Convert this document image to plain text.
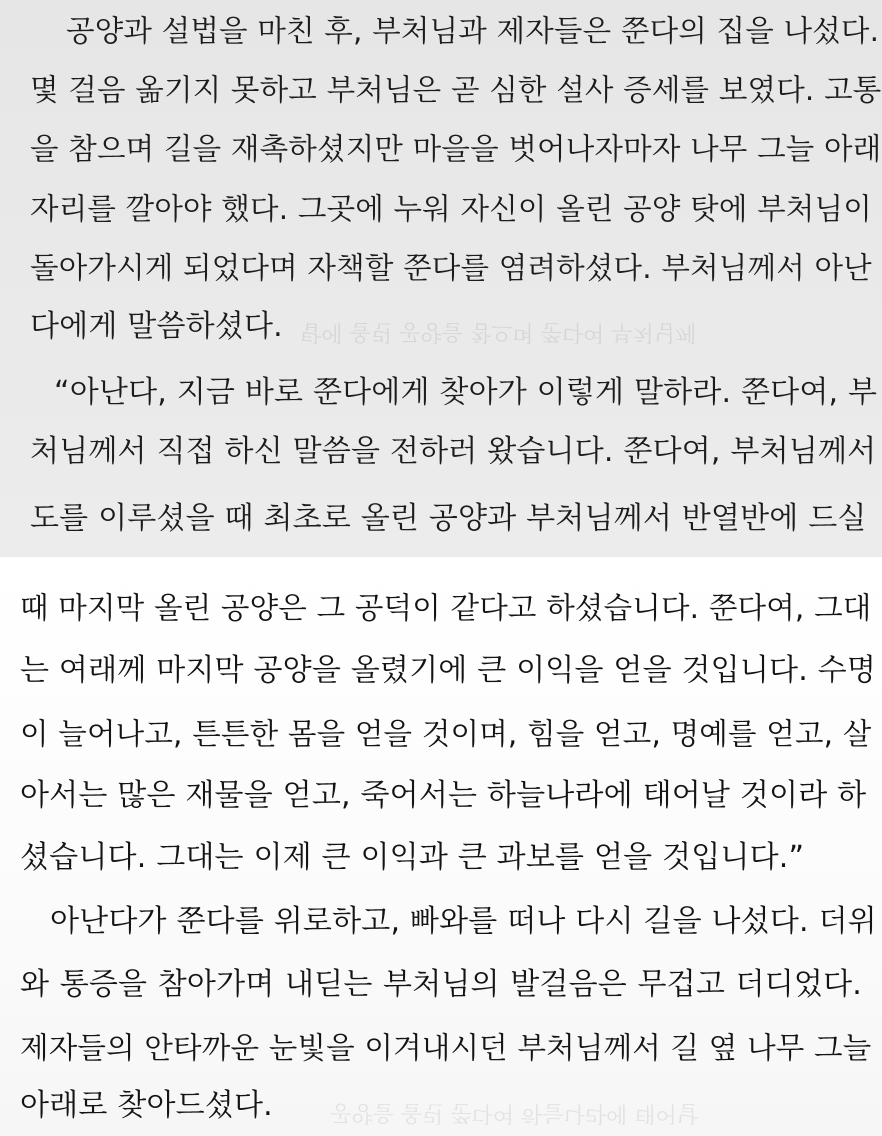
탑에 올린 공양을 참으며 쭌다여 부처님께

공양과 설법을 마친 후, 부처님과 제자들은 쭌다의 집을 나섰다.

몇 걸음 옮기지 못하고 부처님은 곧 심한 설사 증세를 보였다. 고통

을 참으며 길을 재촉하셨지만 마을을 벗어나자마자 나무 그늘 아래

자리를 깔아야 했다. 그곳에 누워 자신이 올린 공양 탓에 부처님이

돌아가시게 되었다며 자책할 쭌다를 염려하셨다. 부처님께서 아난

다에게 말씀하셨다.

“아난다, 지금 바로 쭌다에게 찾아가 이렇게 말하라. 쭌다여, 부

처님께서 직접 하신 말씀을 전하러 왔습니다. 쭌다여, 부처님께서

도를 이루셨을 때 최초로 올린 공양과 부처님께서 반열반에 드실

공양을 올린 쭌다여 하늘나라에 태어날

때 마지막 올린 공양은 그 공덕이 같다고 하셨습니다. 쭌다여, 그대

는 여래께 마지막 공양을 올렸기에 큰 이익을 얻을 것입니다. 수명

이 늘어나고, 튼튼한 몸을 얻을 것이며, 힘을 얻고, 명예를 얻고, 살

아서는 많은 재물을 얻고, 죽어서는 하늘나라에 태어날 것이라 하

셨습니다. 그대는 이제 큰 이익과 큰 과보를 얻을 것입니다.”

아난다가 쭌다를 위로하고, 빠와를 떠나 다시 길을 나섰다. 더위

와 통증을 참아가며 내딛는 부처님의 발걸음은 무겁고 더디었다.

제자들의 안타까운 눈빛을 이겨내시던 부처님께서 길 옆 나무 그늘

아래로 찾아드셨다.
